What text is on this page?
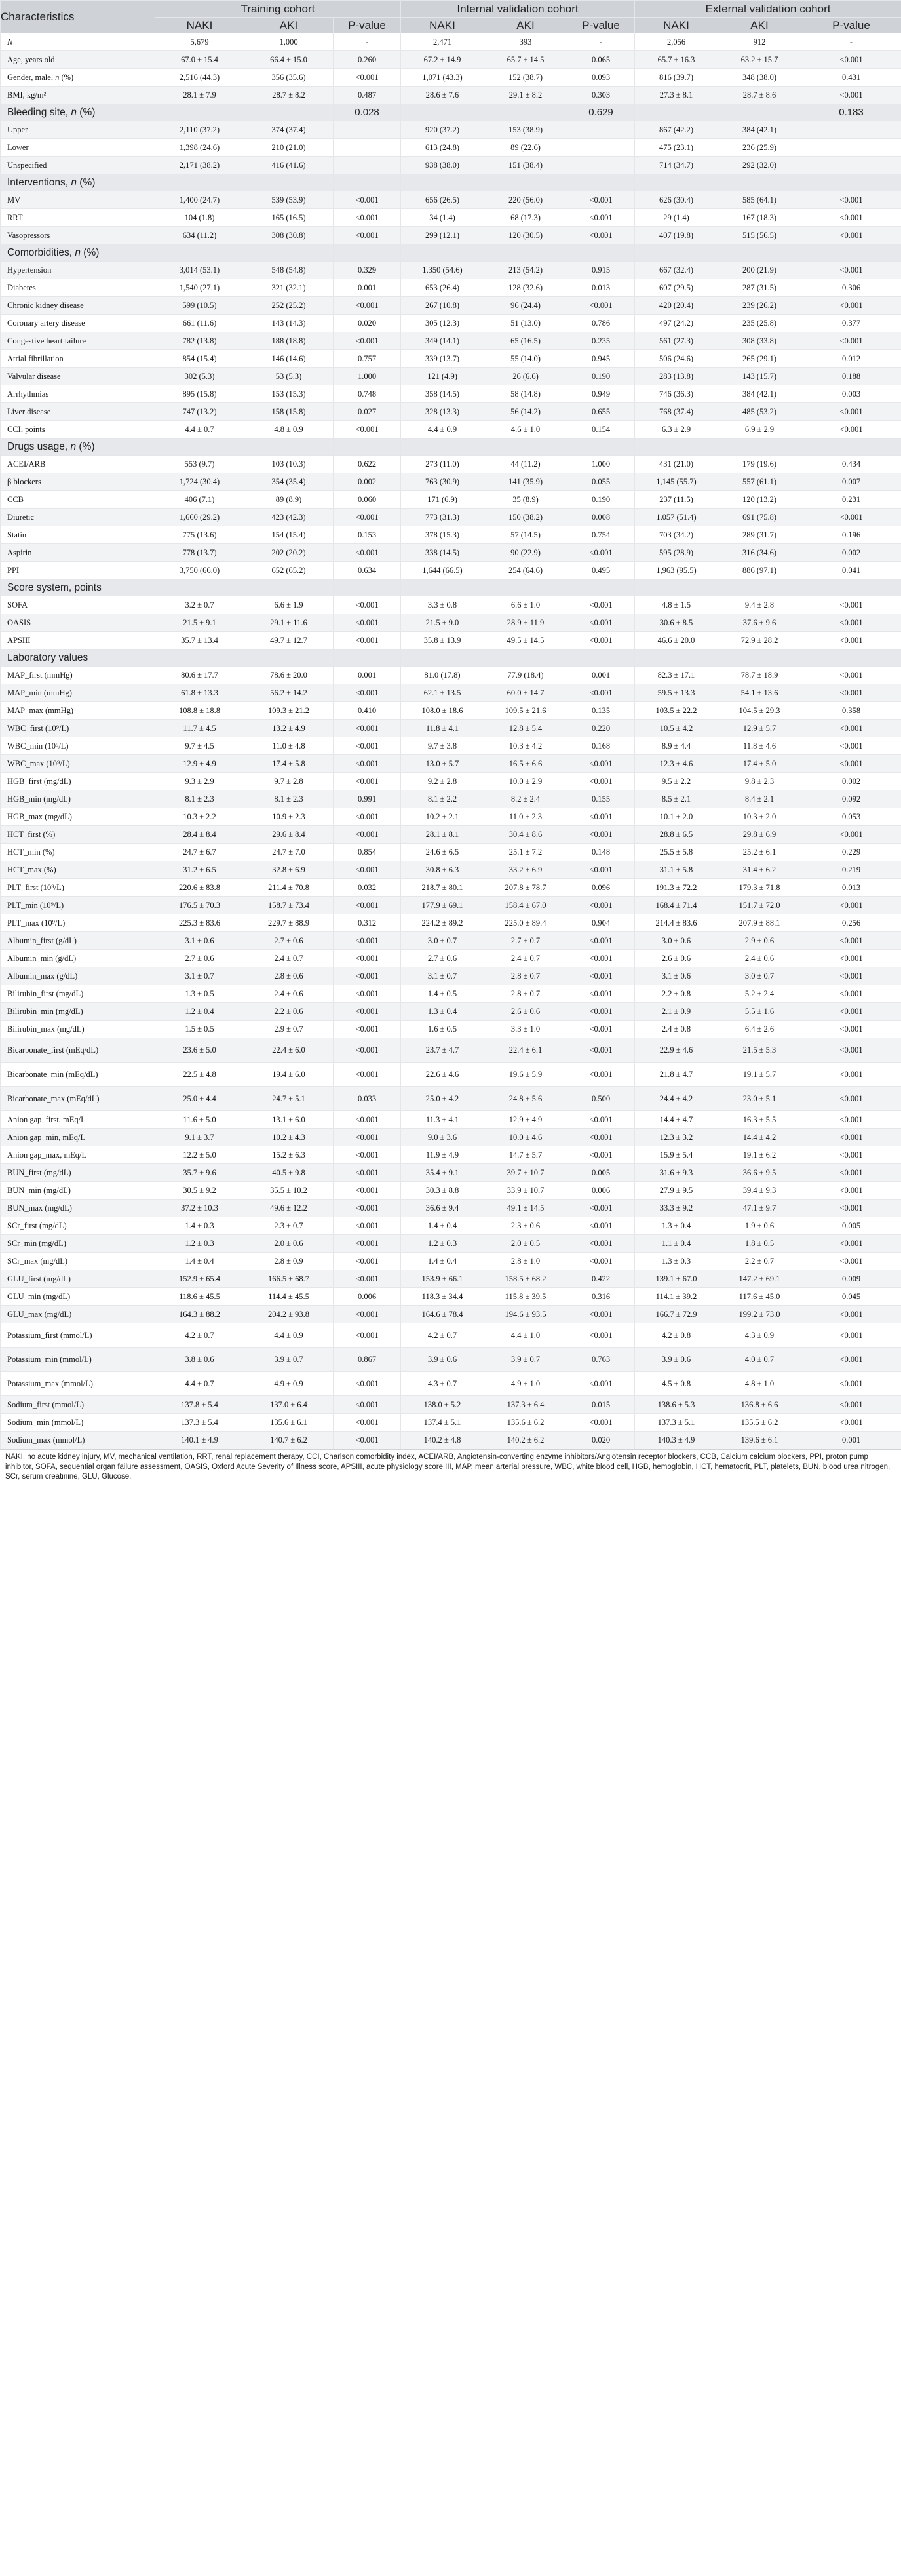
Characteristics	Training cohort			Internal validation cohort			External validation cohort		
	NAKI	AKI	P-value	NAKI	AKI	P-value	NAKI	AKI	P-value
N	5,679	1,000	-	2,471	393	-	2,056	912	-
Age, years old	67.0 ± 15.4	66.4 ± 15.0	0.260	67.2 ± 14.9	65.7 ± 14.5	0.065	65.7 ± 16.3	63.2 ± 15.7	<0.001
Gender, male, n (%)	2,516 (44.3)	356 (35.6)	<0.001	1,071 (43.3)	152 (38.7)	0.093	816 (39.7)	348 (38.0)	0.431
BMI, kg/m²	28.1 ± 7.9	28.7 ± 8.2	0.487	28.6 ± 7.6	29.1 ± 8.2	0.303	27.3 ± 8.1	28.7 ± 8.6	<0.001
Bleeding site, n (%)			0.028			0.629			0.183
Upper	2,110 (37.2)	374 (37.4)		920 (37.2)	153 (38.9)		867 (42.2)	384 (42.1)	
Lower	1,398 (24.6)	210 (21.0)		613 (24.8)	89 (22.6)		475 (23.1)	236 (25.9)	
Unspecified	2,171 (38.2)	416 (41.6)		938 (38.0)	151 (38.4)		714 (34.7)	292 (32.0)	
Interventions, n (%)									
MV	1,400 (24.7)	539 (53.9)	<0.001	656 (26.5)	220 (56.0)	<0.001	626 (30.4)	585 (64.1)	<0.001
RRT	104 (1.8)	165 (16.5)	<0.001	34 (1.4)	68 (17.3)	<0.001	29 (1.4)	167 (18.3)	<0.001
Vasopressors	634 (11.2)	308 (30.8)	<0.001	299 (12.1)	120 (30.5)	<0.001	407 (19.8)	515 (56.5)	<0.001
Comorbidities, n (%)									
Hypertension	3,014 (53.1)	548 (54.8)	0.329	1,350 (54.6)	213 (54.2)	0.915	667 (32.4)	200 (21.9)	<0.001
Diabetes	1,540 (27.1)	321 (32.1)	0.001	653 (26.4)	128 (32.6)	0.013	607 (29.5)	287 (31.5)	0.306
Chronic kidney disease	599 (10.5)	252 (25.2)	<0.001	267 (10.8)	96 (24.4)	<0.001	420 (20.4)	239 (26.2)	<0.001
Coronary artery disease	661 (11.6)	143 (14.3)	0.020	305 (12.3)	51 (13.0)	0.786	497 (24.2)	235 (25.8)	0.377
Congestive heart failure	782 (13.8)	188 (18.8)	<0.001	349 (14.1)	65 (16.5)	0.235	561 (27.3)	308 (33.8)	<0.001
Atrial fibrillation	854 (15.4)	146 (14.6)	0.757	339 (13.7)	55 (14.0)	0.945	506 (24.6)	265 (29.1)	0.012
Valvular disease	302 (5.3)	53 (5.3)	1.000	121 (4.9)	26 (6.6)	0.190	283 (13.8)	143 (15.7)	0.188
Arrhythmias	895 (15.8)	153 (15.3)	0.748	358 (14.5)	58 (14.8)	0.949	746 (36.3)	384 (42.1)	0.003
Liver disease	747 (13.2)	158 (15.8)	0.027	328 (13.3)	56 (14.2)	0.655	768 (37.4)	485 (53.2)	<0.001
CCI, points	4.4 ± 0.7	4.8 ± 0.9	<0.001	4.4 ± 0.9	4.6 ± 1.0	0.154	6.3 ± 2.9	6.9 ± 2.9	<0.001
Drugs usage, n (%)									
ACEI/ARB	553 (9.7)	103 (10.3)	0.622	273 (11.0)	44 (11.2)	1.000	431 (21.0)	179 (19.6)	0.434
β blockers	1,724 (30.4)	354 (35.4)	0.002	763 (30.9)	141 (35.9)	0.055	1,145 (55.7)	557 (61.1)	0.007
CCB	406 (7.1)	89 (8.9)	0.060	171 (6.9)	35 (8.9)	0.190	237 (11.5)	120 (13.2)	0.231
Diuretic	1,660 (29.2)	423 (42.3)	<0.001	773 (31.3)	150 (38.2)	0.008	1,057 (51.4)	691 (75.8)	<0.001
Statin	775 (13.6)	154 (15.4)	0.153	378 (15.3)	57 (14.5)	0.754	703 (34.2)	289 (31.7)	0.196
Aspirin	778 (13.7)	202 (20.2)	<0.001	338 (14.5)	90 (22.9)	<0.001	595 (28.9)	316 (34.6)	0.002
PPI	3,750 (66.0)	652 (65.2)	0.634	1,644 (66.5)	254 (64.6)	0.495	1,963 (95.5)	886 (97.1)	0.041
Score system, points									
SOFA	3.2 ± 0.7	6.6 ± 1.9	<0.001	3.3 ± 0.8	6.6 ± 1.0	<0.001	4.8 ± 1.5	9.4 ± 2.8	<0.001
OASIS	21.5 ± 9.1	29.1 ± 11.6	<0.001	21.5 ± 9.0	28.9 ± 11.9	<0.001	30.6 ± 8.5	37.6 ± 9.6	<0.001
APSIII	35.7 ± 13.4	49.7 ± 12.7	<0.001	35.8 ± 13.9	49.5 ± 14.5	<0.001	46.6 ± 20.0	72.9 ± 28.2	<0.001
Laboratory values									
MAP_first (mmHg)	80.6 ± 17.7	78.6 ± 20.0	0.001	81.0 (17.8)	77.9 (18.4)	0.001	82.3 ± 17.1	78.7 ± 18.9	<0.001
MAP_min (mmHg)	61.8 ± 13.3	56.2 ± 14.2	<0.001	62.1 ± 13.5	60.0 ± 14.7	<0.001	59.5 ± 13.3	54.1 ± 13.6	<0.001
MAP_max (mmHg)	108.8 ± 18.8	109.3 ± 21.2	0.410	108.0 ± 18.6	109.5 ± 21.6	0.135	103.5 ± 22.2	104.5 ± 29.3	0.358
WBC_first (10⁹/L)	11.7 ± 4.5	13.2 ± 4.9	<0.001	11.8 ± 4.1	12.8 ± 5.4	0.220	10.5 ± 4.2	12.9 ± 5.7	<0.001
WBC_min (10⁹/L)	9.7 ± 4.5	11.0 ± 4.8	<0.001	9.7 ± 3.8	10.3 ± 4.2	0.168	8.9 ± 4.4	11.8 ± 4.6	<0.001
WBC_max (10⁹/L)	12.9 ± 4.9	17.4 ± 5.8	<0.001	13.0 ± 5.7	16.5 ± 6.6	<0.001	12.3 ± 4.6	17.4 ± 5.0	<0.001
HGB_first (mg/dL)	9.3 ± 2.9	9.7 ± 2.8	<0.001	9.2 ± 2.8	10.0 ± 2.9	<0.001	9.5 ± 2.2	9.8 ± 2.3	0.002
HGB_min (mg/dL)	8.1 ± 2.3	8.1 ± 2.3	0.991	8.1 ± 2.2	8.2 ± 2.4	0.155	8.5 ± 2.1	8.4 ± 2.1	0.092
HGB_max (mg/dL)	10.3 ± 2.2	10.9 ± 2.3	<0.001	10.2 ± 2.1	11.0 ± 2.3	<0.001	10.1 ± 2.0	10.3 ± 2.0	0.053
HCT_first (%)	28.4 ± 8.4	29.6 ± 8.4	<0.001	28.1 ± 8.1	30.4 ± 8.6	<0.001	28.8 ± 6.5	29.8 ± 6.9	<0.001
HCT_min (%)	24.7 ± 6.7	24.7 ± 7.0	0.854	24.6 ± 6.5	25.1 ± 7.2	0.148	25.5 ± 5.8	25.2 ± 6.1	0.229
HCT_max (%)	31.2 ± 6.5	32.8 ± 6.9	<0.001	30.8 ± 6.3	33.2 ± 6.9	<0.001	31.1 ± 5.8	31.4 ± 6.2	0.219
PLT_first (10⁹/L)	220.6 ± 83.8	211.4 ± 70.8	0.032	218.7 ± 80.1	207.8 ± 78.7	0.096	191.3 ± 72.2	179.3 ± 71.8	0.013
PLT_min (10⁹/L)	176.5 ± 70.3	158.7 ± 73.4	<0.001	177.9 ± 69.1	158.4 ± 67.0	<0.001	168.4 ± 71.4	151.7 ± 72.0	<0.001
PLT_max (10⁹/L)	225.3 ± 83.6	229.7 ± 88.9	0.312	224.2 ± 89.2	225.0 ± 89.4	0.904	214.4 ± 83.6	207.9 ± 88.1	0.256
Albumin_first (g/dL)	3.1 ± 0.6	2.7 ± 0.6	<0.001	3.0 ± 0.7	2.7 ± 0.7	<0.001	3.0 ± 0.6	2.9 ± 0.6	<0.001
Albumin_min (g/dL)	2.7 ± 0.6	2.4 ± 0.7	<0.001	2.7 ± 0.6	2.4 ± 0.7	<0.001	2.6 ± 0.6	2.4 ± 0.6	<0.001
Albumin_max (g/dL)	3.1 ± 0.7	2.8 ± 0.6	<0.001	3.1 ± 0.7	2.8 ± 0.7	<0.001	3.1 ± 0.6	3.0 ± 0.7	<0.001
Bilirubin_first (mg/dL)	1.3 ± 0.5	2.4 ± 0.6	<0.001	1.4 ± 0.5	2.8 ± 0.7	<0.001	2.2 ± 0.8	5.2 ± 2.4	<0.001
Bilirubin_min (mg/dL)	1.2 ± 0.4	2.2 ± 0.6	<0.001	1.3 ± 0.4	2.6 ± 0.6	<0.001	2.1 ± 0.9	5.5 ± 1.6	<0.001
Bilirubin_max (mg/dL)	1.5 ± 0.5	2.9 ± 0.7	<0.001	1.6 ± 0.5	3.3 ± 1.0	<0.001	2.4 ± 0.8	6.4 ± 2.6	<0.001
Bicarbonate_first (mEq/dL)	23.6 ± 5.0	22.4 ± 6.0	<0.001	23.7 ± 4.7	22.4 ± 6.1	<0.001	22.9 ± 4.6	21.5 ± 5.3	<0.001
Bicarbonate_min (mEq/dL)	22.5 ± 4.8	19.4 ± 6.0	<0.001	22.6 ± 4.6	19.6 ± 5.9	<0.001	21.8 ± 4.7	19.1 ± 5.7	<0.001
Bicarbonate_max (mEq/dL)	25.0 ± 4.4	24.7 ± 5.1	0.033	25.0 ± 4.2	24.8 ± 5.6	0.500	24.4 ± 4.2	23.0 ± 5.1	<0.001
Anion gap_first, mEq/L	11.6 ± 5.0	13.1 ± 6.0	<0.001	11.3 ± 4.1	12.9 ± 4.9	<0.001	14.4 ± 4.7	16.3 ± 5.5	<0.001
Anion gap_min, mEq/L	9.1 ± 3.7	10.2 ± 4.3	<0.001	9.0 ± 3.6	10.0 ± 4.6	<0.001	12.3 ± 3.2	14.4 ± 4.2	<0.001
Anion gap_max, mEq/L	12.2 ± 5.0	15.2 ± 6.3	<0.001	11.9 ± 4.9	14.7 ± 5.7	<0.001	15.9 ± 5.4	19.1 ± 6.2	<0.001
BUN_first (mg/dL)	35.7 ± 9.6	40.5 ± 9.8	<0.001	35.4 ± 9.1	39.7 ± 10.7	0.005	31.6 ± 9.3	36.6 ± 9.5	<0.001
BUN_min (mg/dL)	30.5 ± 9.2	35.5 ± 10.2	<0.001	30.3 ± 8.8	33.9 ± 10.7	0.006	27.9 ± 9.5	39.4 ± 9.3	<0.001
BUN_max (mg/dL)	37.2 ± 10.3	49.6 ± 12.2	<0.001	36.6 ± 9.4	49.1 ± 14.5	<0.001	33.3 ± 9.2	47.1 ± 9.7	<0.001
SCr_first (mg/dL)	1.4 ± 0.3	2.3 ± 0.7	<0.001	1.4 ± 0.4	2.3 ± 0.6	<0.001	1.3 ± 0.4	1.9 ± 0.6	0.005
SCr_min (mg/dL)	1.2 ± 0.3	2.0 ± 0.6	<0.001	1.2 ± 0.3	2.0 ± 0.5	<0.001	1.1 ± 0.4	1.8 ± 0.5	<0.001
SCr_max (mg/dL)	1.4 ± 0.4	2.8 ± 0.9	<0.001	1.4 ± 0.4	2.8 ± 1.0	<0.001	1.3 ± 0.3	2.2 ± 0.7	<0.001
GLU_first (mg/dL)	152.9 ± 65.4	166.5 ± 68.7	<0.001	153.9 ± 66.1	158.5 ± 68.2	0.422	139.1 ± 67.0	147.2 ± 69.1	0.009
GLU_min (mg/dL)	118.6 ± 45.5	114.4 ± 45.5	0.006	118.3 ± 34.4	115.8 ± 39.5	0.316	114.1 ± 39.2	117.6 ± 45.0	0.045
GLU_max (mg/dL)	164.3 ± 88.2	204.2 ± 93.8	<0.001	164.6 ± 78.4	194.6 ± 93.5	<0.001	166.7 ± 72.9	199.2 ± 73.0	<0.001
Potassium_first (mmol/L)	4.2 ± 0.7	4.4 ± 0.9	<0.001	4.2 ± 0.7	4.4 ± 1.0	<0.001	4.2 ± 0.8	4.3 ± 0.9	<0.001
Potassium_min (mmol/L)	3.8 ± 0.6	3.9 ± 0.7	0.867	3.9 ± 0.6	3.9 ± 0.7	0.763	3.9 ± 0.6	4.0 ± 0.7	<0.001
Potassium_max (mmol/L)	4.4 ± 0.7	4.9 ± 0.9	<0.001	4.3 ± 0.7	4.9 ± 1.0	<0.001	4.5 ± 0.8	4.8 ± 1.0	<0.001
Sodium_first (mmol/L)	137.8 ± 5.4	137.0 ± 6.4	<0.001	138.0 ± 5.2	137.3 ± 6.4	0.015	138.6 ± 5.3	136.8 ± 6.6	<0.001
Sodium_min (mmol/L)	137.3 ± 5.4	135.6 ± 6.1	<0.001	137.4 ± 5.1	135.6 ± 6.2	<0.001	137.3 ± 5.1	135.5 ± 6.2	<0.001
Sodium_max (mmol/L)	140.1 ± 4.9	140.7 ± 6.2	<0.001	140.2 ± 4.8	140.2 ± 6.2	0.020	140.3 ± 4.9	139.6 ± 6.1	0.001
NAKI, no acute kidney injury, MV, mechanical ventilation, RRT, renal replacement therapy, CCI, Charlson comorbidity index, ACEI/ARB, Angiotensin-converting enzyme inhibitors/Angiotensin receptor blockers, CCB, Calcium calcium blockers, PPI, proton pump inhibitor, SOFA, sequential organ failure assessment, OASIS, Oxford Acute Severity of Illness score, APSIII, acute physiology score III, MAP, mean arterial pressure, WBC, white blood cell, HGB, hemoglobin, HCT, hematocrit, PLT, platelets, BUN, blood urea nitrogen, SCr, serum creatinine, GLU, Glucose.
